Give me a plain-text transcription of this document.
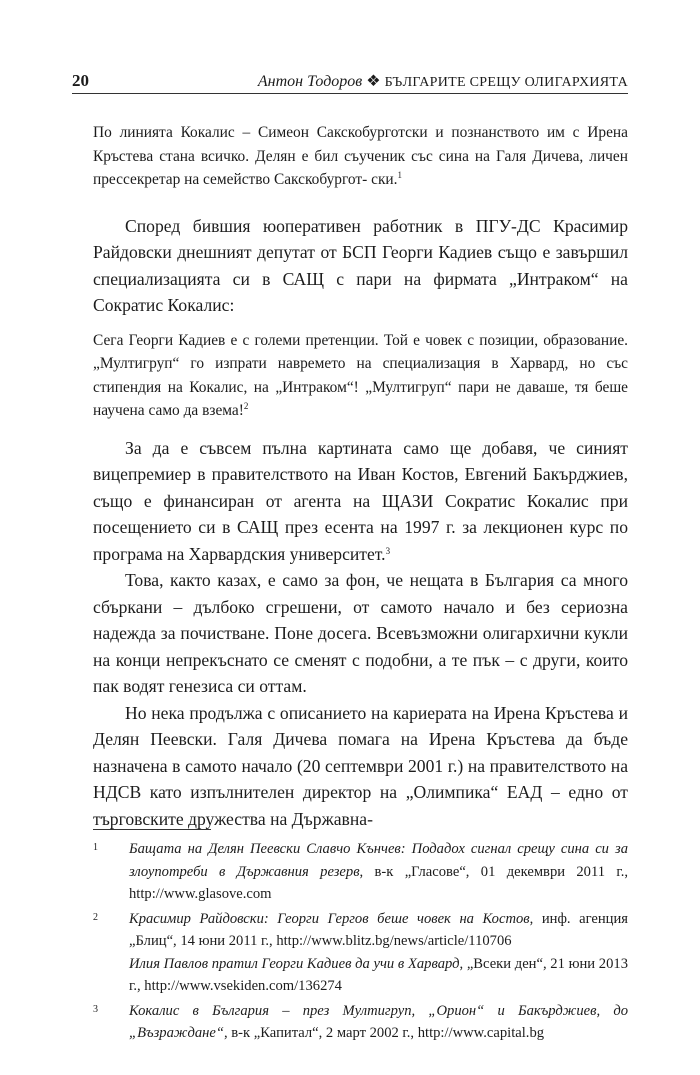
20	Антон Тодоров ❖ БЪЛГАРИТЕ СРЕЩУ ОЛИГАРХИЯТА

По линията Кокалис – Симеон Сакскобурготски и познанството им с Ирена Кръстева стана всичко. Делян е бил съученик със сина на Галя Дичева, личен прессекретар на семейство Сакскобургот- ски.$^1$

Според бившия юоперативен работник в ПГУ-ДС Красимир Райдовски днешният депутат от БСП Георги Кадиев също е завършил специализацията си в САЩ с пари на фирмата „Интраком“ на Сократис Кокалис:

Сега Георги Кадиев е с големи претенции. Той е човек с позиции, образование. „Мултигруп“ го изпрати навремето на специализация в Харвард, но със стипендия на Кокалис, на „Интраком“! „Мултигруп“ пари не даваше, тя беше научена само да взема!$^2$

За да е съвсем пълна картината само ще добавя, че синият вицепремиер в правителството на Иван Костов, Евгений Бакърджиев, също е финансиран от агента на ЩАЗИ Сократис Кокалис при посещението си в САЩ през есента на 1997 г. за лекционен курс по програма на Харвардския университет.$^3$

Това, както казах, е само за фон, че нещата в България са много сбъркани – дълбоко сгрешени, от самото начало и без сериозна надежда за почистване. Поне досега. Всевъзможни олигархични кукли на конци непрекъснато се сменят с подобни, а те пък – с други, които пак водят генезиса си оттам.

Но нека продължа с описанието на кариерата на Ирена Кръстева и Делян Пеевски. Галя Дичева помага на Ирена Кръстева да бъде назначена в самото начало (20 септември 2001 г.) на правителството на НДСВ като изпълнителен директор на „Олимпика“ ЕАД – едно от търговските дружества на Държавна-

1 Бащата на Делян Пеевски Славчо Кънчев: Подадох сигнал срещу сина си за злоупотреби в Държавния резерв, в-к „Гласове“, 01 декември 2011 г., http://www.glasove.com
2 Красимир Райдовски: Георги Гергов беше човек на Костов, инф. агенция „Блиц“, 14 юни 2011 г., http://www.blitz.bg/news/article/110706
Илия Павлов пратил Георги Кадиев да учи в Харвард, „Всеки ден“, 21 юни 2013 г., http://www.vsekiden.com/136274
3 Кокалис в България – през Мултигруп, „Орион“ и Бакърджиев, до „Възраждане“, в-к „Капитал“, 2 март 2002 г., http://www.capital.bg
